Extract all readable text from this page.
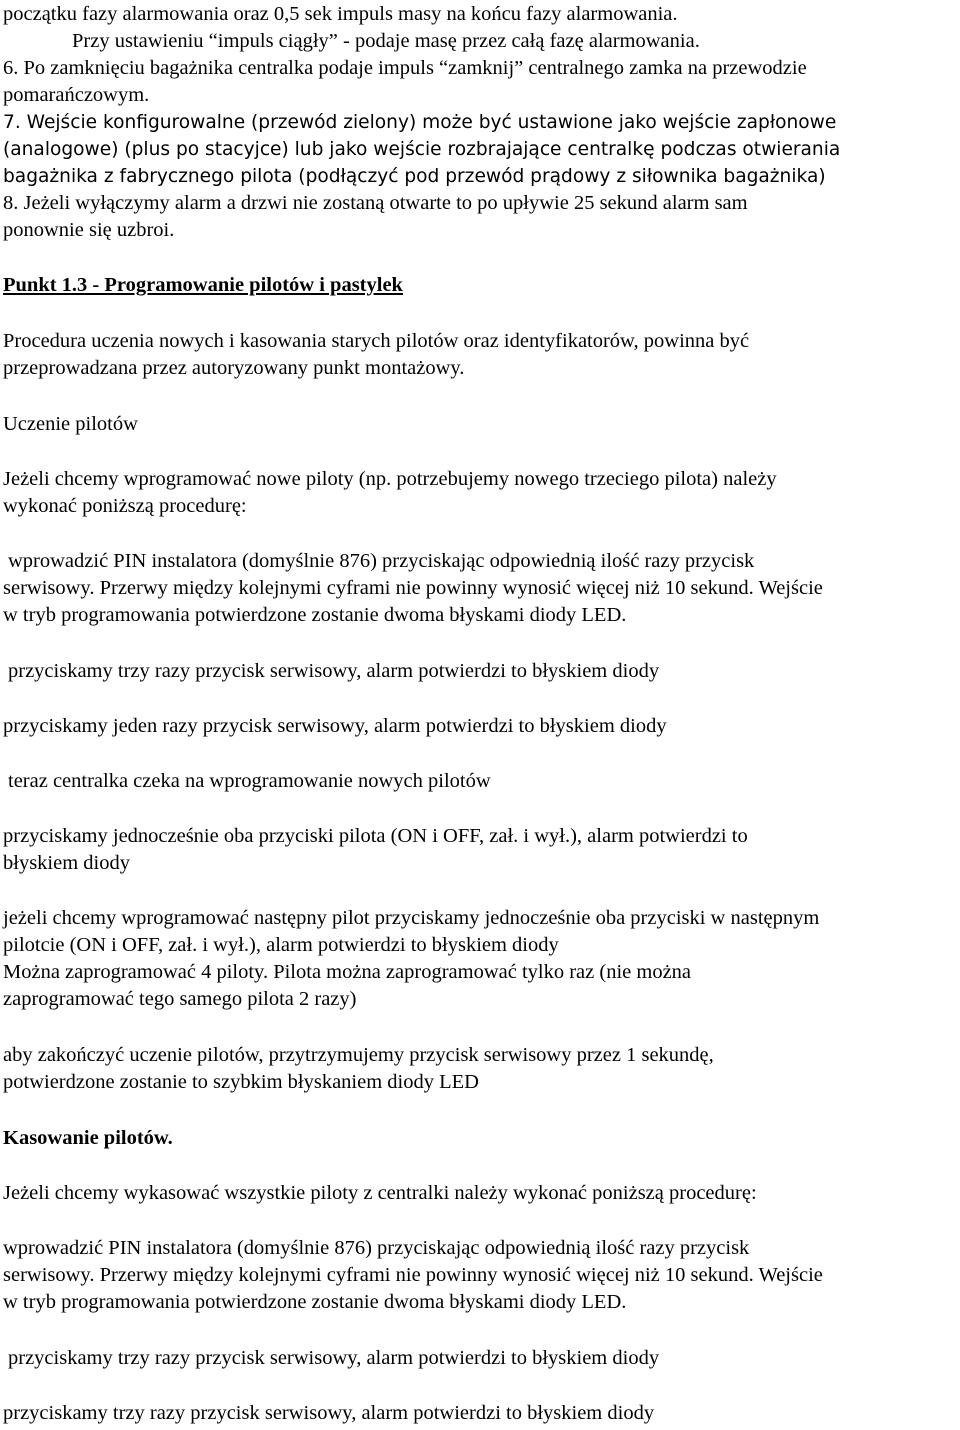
początku fazy alarmowania oraz 0,5 sek impuls masy na końcu fazy alarmowania.
Przy ustawieniu “impuls ciągły” - podaje masę przez całą fazę alarmowania.
6. Po zamknięciu bagażnika centralka podaje impuls “zamknij” centralnego zamka na przewodzie
pomarańczowym.
7. Wejście konfigurowalne (przewód zielony) może być ustawione jako wejście zapłonowe
(analogowe) (plus po stacyjce) lub jako wejście rozbrajające centralkę podczas otwierania
bagażnika z fabrycznego pilota (podłączyć pod przewód prądowy z siłownika bagażnika)
8. Jeżeli wyłączymy alarm a drzwi nie zostaną otwarte to po upływie 25 sekund alarm sam
ponownie się uzbroi.
Punkt 1.3 - Programowanie pilotów i pastylek
Procedura uczenia nowych i kasowania starych pilotów oraz identyfikatorów, powinna być
przeprowadzana przez autoryzowany punkt montażowy.
Uczenie pilotów
Jeżeli chcemy wprogramować nowe piloty (np. potrzebujemy nowego trzeciego pilota) należy
wykonać poniższą procedurę:
wprowadzić PIN instalatora (domyślnie 876) przyciskając odpowiednią ilość razy przycisk
serwisowy. Przerwy między kolejnymi cyframi nie powinny wynosić więcej niż 10 sekund. Wejście
w tryb programowania potwierdzone zostanie dwoma błyskami diody LED.
przyciskamy trzy razy przycisk serwisowy, alarm potwierdzi to błyskiem diody
przyciskamy jeden razy przycisk serwisowy, alarm potwierdzi to błyskiem diody
teraz centralka czeka na wprogramowanie nowych pilotów
przyciskamy jednocześnie oba przyciski pilota (ON i OFF, zał. i wył.), alarm potwierdzi to
błyskiem diody
jeżeli chcemy wprogramować następny pilot przyciskamy jednocześnie oba przyciski w następnym
pilotcie (ON i OFF, zał. i wył.), alarm potwierdzi to błyskiem diody
Można zaprogramować 4 piloty. Pilota można zaprogramować tylko raz (nie można
zaprogramować tego samego pilota 2 razy)
aby zakończyć uczenie pilotów, przytrzymujemy przycisk serwisowy przez 1 sekundę,
potwierdzone zostanie to szybkim błyskaniem diody LED
Kasowanie pilotów.
Jeżeli chcemy wykasować wszystkie piloty z centralki należy wykonać poniższą procedurę:
wprowadzić PIN instalatora (domyślnie 876) przyciskając odpowiednią ilość razy przycisk
serwisowy. Przerwy między kolejnymi cyframi nie powinny wynosić więcej niż 10 sekund. Wejście
w tryb programowania potwierdzone zostanie dwoma błyskami diody LED.
przyciskamy trzy razy przycisk serwisowy, alarm potwierdzi to błyskiem diody
przyciskamy trzy razy przycisk serwisowy, alarm potwierdzi to błyskiem diody
